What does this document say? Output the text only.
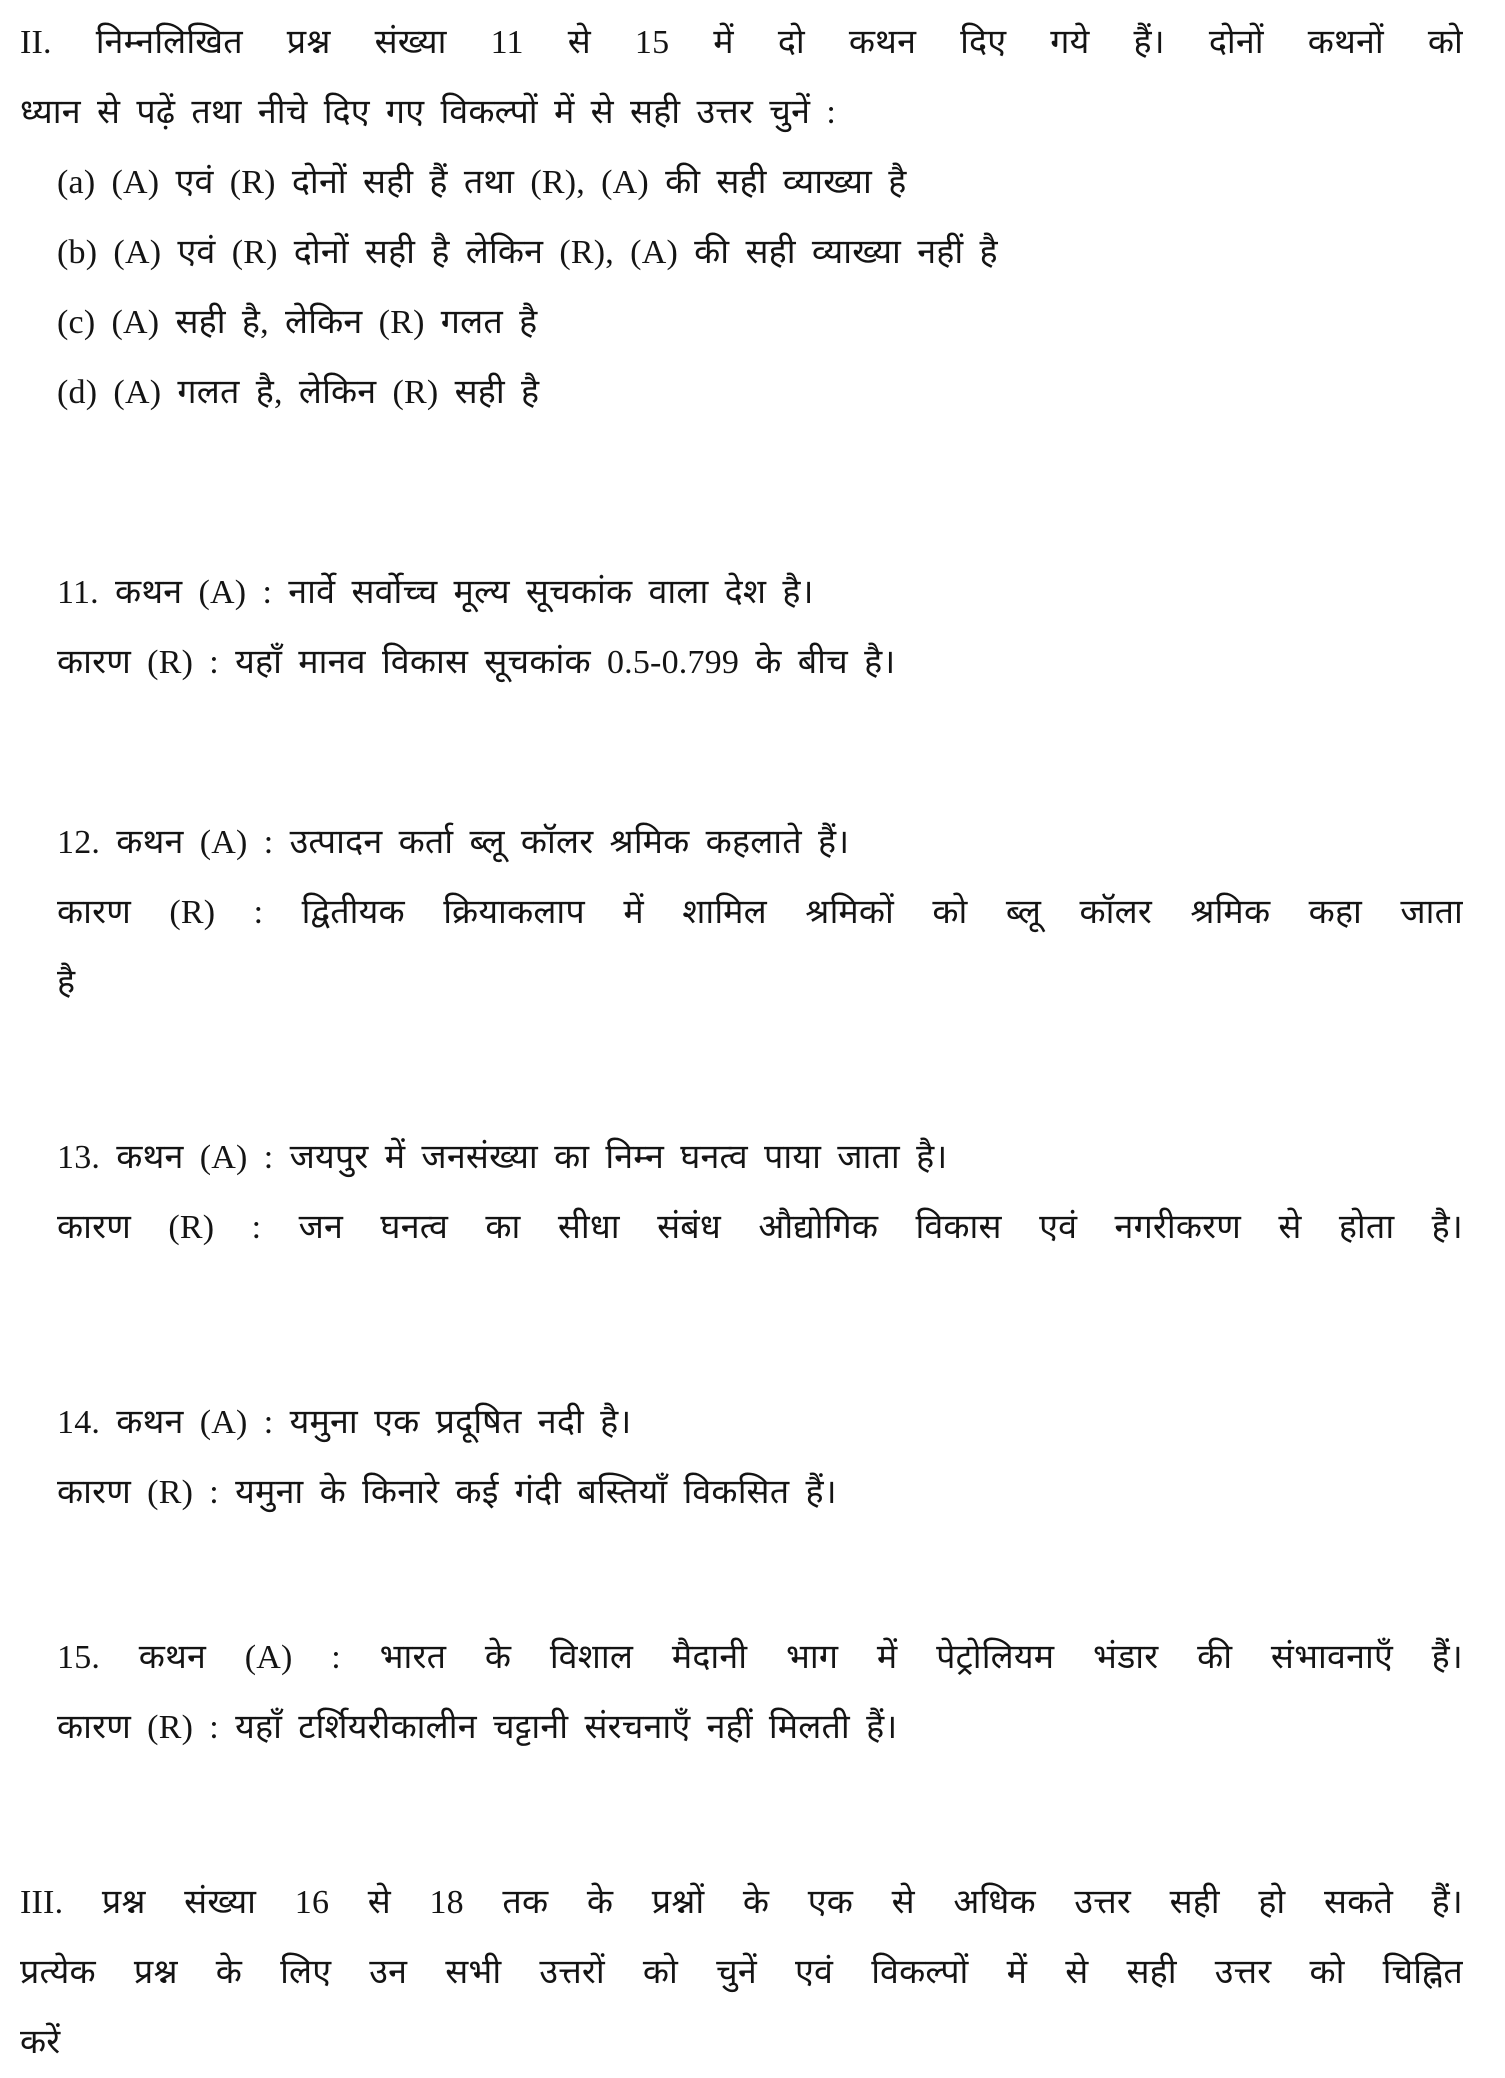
II. निम्नलिखित प्रश्न संख्या 11 से 15 में दो कथन दिए गये हैं। दोनों कथनों को
ध्यान से पढ़ें तथा नीचे दिए गए विकल्पों में से सही उत्तर चुनें :
(a) (A) एवं (R) दोनों सही हैं तथा (R), (A) की सही व्याख्या है
(b) (A) एवं (R) दोनों सही है लेकिन (R), (A) की सही व्याख्या नहीं है
(c) (A) सही है, लेकिन (R) गलत है
(d) (A) गलत है, लेकिन (R) सही है
11. कथन (A) : नार्वे सर्वोच्च मूल्य सूचकांक वाला देश है।
कारण (R) : यहाँ मानव विकास सूचकांक 0.5-0.799 के बीच है।
12. कथन (A) : उत्पादन कर्ता ब्लू कॉलर श्रमिक कहलाते हैं।
कारण (R) : द्वितीयक क्रियाकलाप में शामिल श्रमिकों को ब्लू कॉलर श्रमिक कहा जाता
है
13. कथन (A) : जयपुर में जनसंख्या का निम्न घनत्व पाया जाता है।
कारण (R) : जन घनत्व का सीधा संबंध औद्योगिक विकास एवं नगरीकरण से होता है।
14. कथन (A) : यमुना एक प्रदूषित नदी है।
कारण (R) : यमुना के किनारे कई गंदी बस्तियाँ विकसित हैं।
15. कथन (A) : भारत के विशाल मैदानी भाग में पेट्रोलियम भंडार की संभावनाएँ हैं।
कारण (R) : यहाँ टर्शियरीकालीन चट्टानी संरचनाएँ नहीं मिलती हैं।
III. प्रश्न संख्या 16 से 18 तक के प्रश्नों के एक से अधिक उत्तर सही हो सकते हैं।
प्रत्येक प्रश्न के लिए उन सभी उत्तरों को चुनें एवं विकल्पों में से सही उत्तर को चिह्नित
करें
